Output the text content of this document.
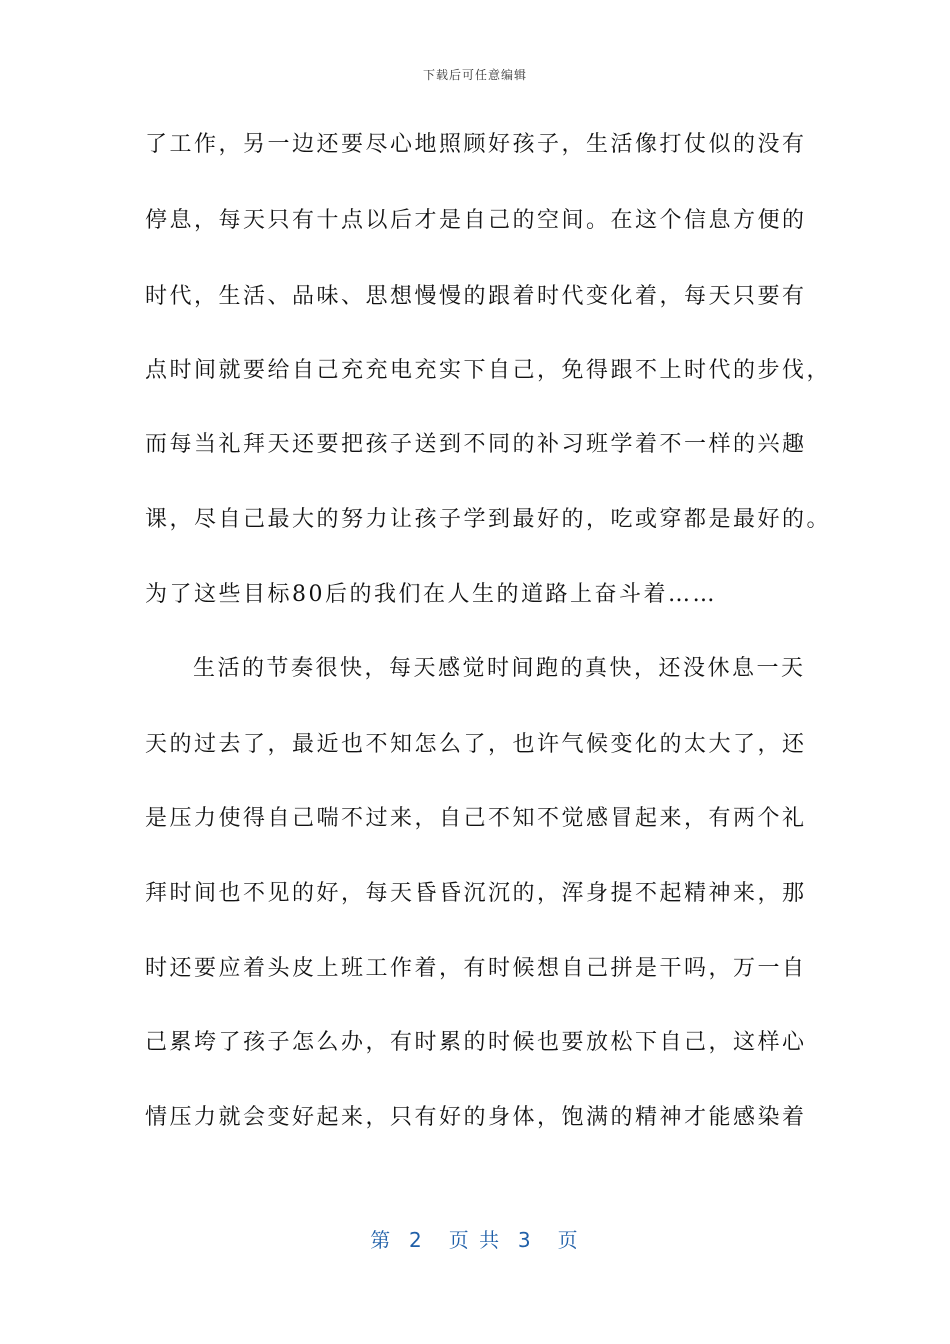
下载后可任意编辑
了工作，另一边还要尽心地照顾好孩子，生活像打仗似的没有
停息，每天只有十点以后才是自己的空间。在这个信息方便的
时代，生活、品味、思想慢慢的跟着时代变化着，每天只要有
点时间就要给自己充充电充实下自己，免得跟不上时代的步伐，
而每当礼拜天还要把孩子送到不同的补习班学着不一样的兴趣
课，尽自己最大的努力让孩子学到最好的，吃或穿都是最好的。
为了这些目标80后的我们在人生的道路上奋斗着……
生活的节奏很快，每天感觉时间跑的真快，还没休息一天
天的过去了，最近也不知怎么了，也许气候变化的太大了，还
是压力使得自己喘不过来，自己不知不觉感冒起来，有两个礼
拜时间也不见的好，每天昏昏沉沉的，浑身提不起精神来，那
时还要应着头皮上班工作着，有时候想自己拼是干吗，万一自
己累垮了孩子怎么办，有时累的时候也要放松下自己，这样心
情压力就会变好起来，只有好的身体，饱满的精神才能感染着
第  2   页 共  3   页
